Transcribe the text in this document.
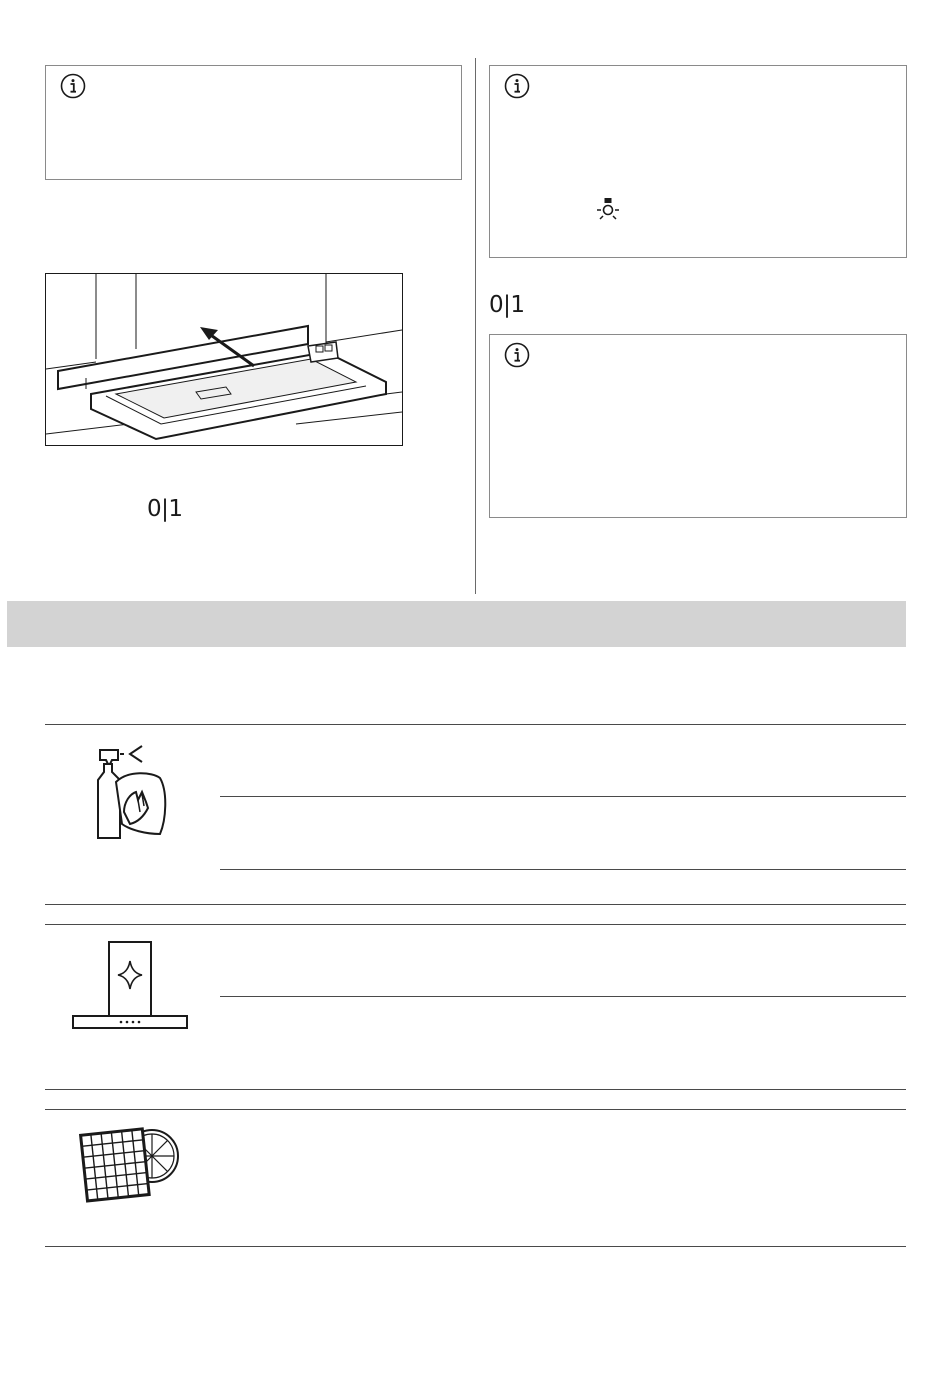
0|1
0|1
